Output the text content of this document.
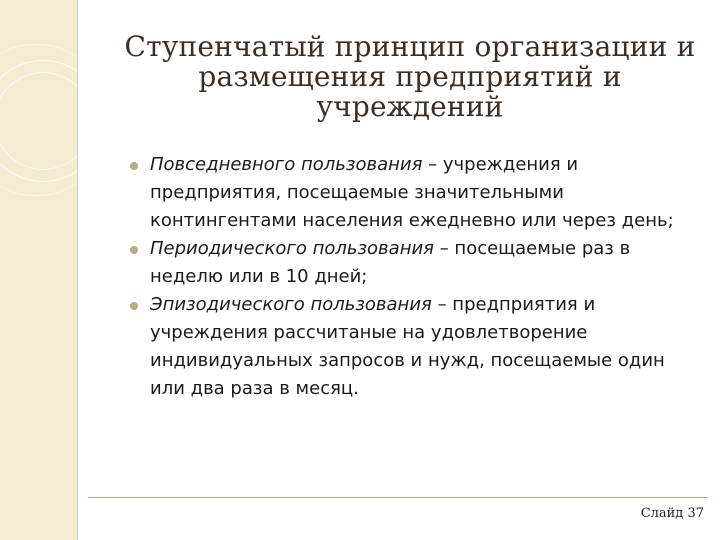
Ступенчатый принцип организации и
размещения предприятий и
учреждений
Повседневного пользования – учреждения и предприятия, посещаемые значительными контингентами населения ежедневно или через день;
Периодического пользования – посещаемые раз в неделю или в 10 дней;
Эпизодического пользования – предприятия и учреждения рассчитаные на удовлетворение индивидуальных запросов и нужд, посещаемые один или два раза в месяц.
Слайд 37
